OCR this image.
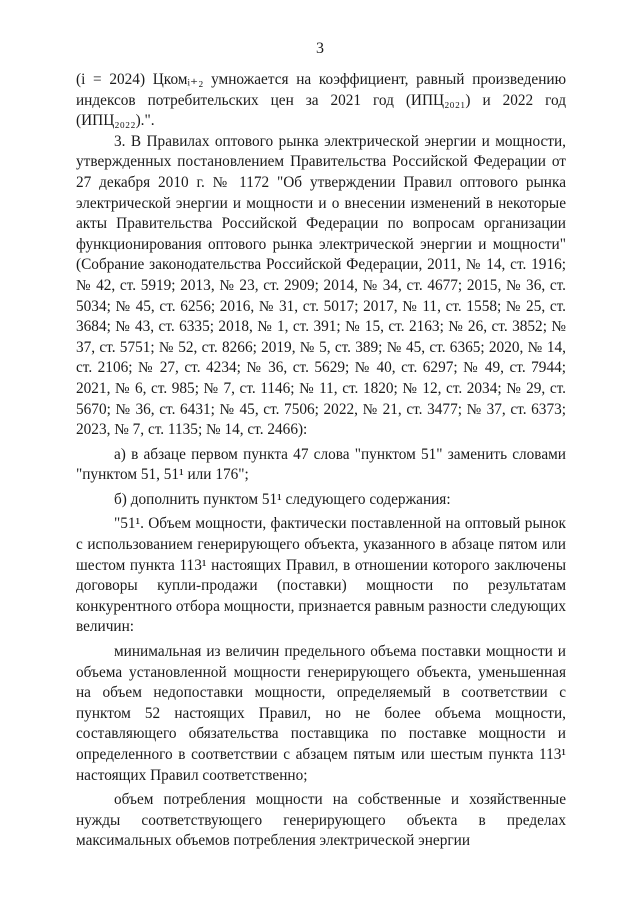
3

(i = 2024) Цкомᵢ₊₂ умножается на коэффициент, равный произведению индексов потребительских цен за 2021 год (ИПЦ₂₀₂₁) и 2022 год (ИПЦ₂₀₂₂).".

3. В Правилах оптового рынка электрической энергии и мощности, утвержденных постановлением Правительства Российской Федерации от 27 декабря 2010 г. № 1172 "Об утверждении Правил оптового рынка электрической энергии и мощности и о внесении изменений в некоторые акты Правительства Российской Федерации по вопросам организации функционирования оптового рынка электрической энергии и мощности" (Собрание законодательства Российской Федерации, 2011, № 14, ст. 1916; № 42, ст. 5919; 2013, № 23, ст. 2909; 2014, № 34, ст. 4677; 2015, № 36, ст. 5034; № 45, ст. 6256; 2016, № 31, ст. 5017; 2017, № 11, ст. 1558; № 25, ст. 3684; № 43, ст. 6335; 2018, № 1, ст. 391; № 15, ст. 2163; № 26, ст. 3852; № 37, ст. 5751; № 52, ст. 8266; 2019, № 5, ст. 389; № 45, ст. 6365; 2020, № 14, ст. 2106; № 27, ст. 4234; № 36, ст. 5629; № 40, ст. 6297; № 49, ст. 7944; 2021, № 6, ст. 985; № 7, ст. 1146; № 11, ст. 1820; № 12, ст. 2034; № 29, ст. 5670; № 36, ст. 6431; № 45, ст. 7506; 2022, № 21, ст. 3477; № 37, ст. 6373; 2023, № 7, ст. 1135; № 14, ст. 2466):

а) в абзаце первом пункта 47 слова "пунктом 51" заменить словами "пунктом 51, 51¹ или 176";

б) дополнить пунктом 51¹ следующего содержания:

"51¹. Объем мощности, фактически поставленной на оптовый рынок с использованием генерирующего объекта, указанного в абзаце пятом или шестом пункта 113¹ настоящих Правил, в отношении которого заключены договоры купли-продажи (поставки) мощности по результатам конкурентного отбора мощности, признается равным разности следующих величин:

минимальная из величин предельного объема поставки мощности и объема установленной мощности генерирующего объекта, уменьшенная на объем недопоставки мощности, определяемый в соответствии с пунктом 52 настоящих Правил, но не более объема мощности, составляющего обязательства поставщика по поставке мощности и определенного в соответствии с абзацем пятым или шестым пункта 113¹ настоящих Правил соответственно;

объем потребления мощности на собственные и хозяйственные нужды соответствующего генерирующего объекта в пределах максимальных объемов потребления электрической энергии
